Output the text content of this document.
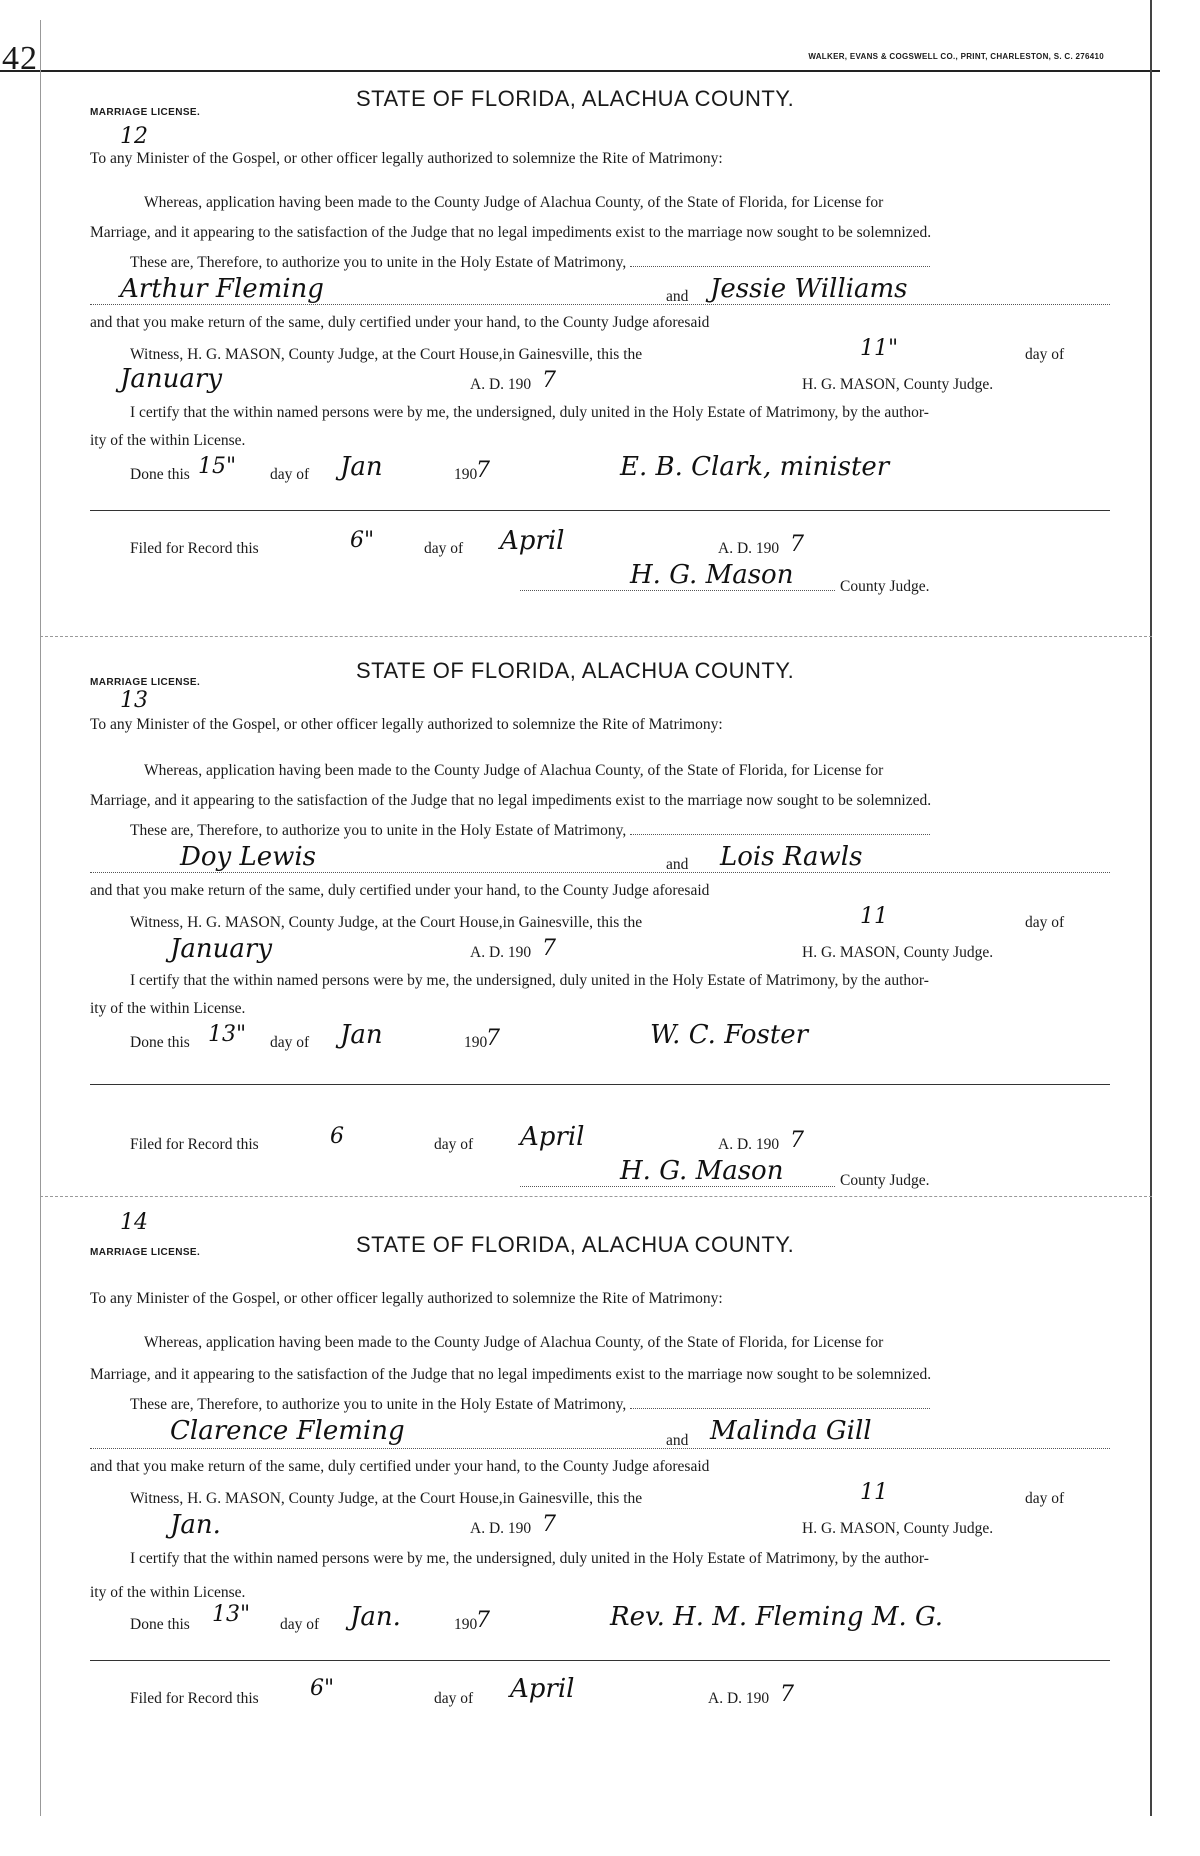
42	WALKER, EVANS & COGSWELL CO., PRINT, CHARLESTON, S. C. 276410
MARRIAGE LICENSE.
STATE OF FLORIDA, ALACHUA COUNTY.
12
To any Minister of the Gospel, or other officer legally authorized to solemnize the Rite of Matrimony:
Whereas, application having been made to the County Judge of Alachua County, of the State of Florida, for License for
Marriage, and it appearing to the satisfaction of the Judge that no legal impediments exist to the marriage now sought to be solemnized.
These are, Therefore, to authorize you to unite in the Holy Estate of Matrimony,
Arthur Fleming	and Jessie Williams
and that you make return of the same, duly certified under your hand, to the County Judge aforesaid
Witness, H. G. MASON, County Judge, at the Court House,in Gainesville, this the	11"	day of
January	A. D. 190 7	H. G. MASON, County Judge.
I certify that the within named persons were by me, the undersigned, duly united in the Holy Estate of Matrimony, by the author-
ity of the within License.
Done this 15" day of Jan	190
7	E. B. Clark, minister
Filed for Record this	6"	day of April	A. D. 190 7
H. G. Mason	County Judge.
MARRIAGE LICENSE.	STATE OF FLORIDA, ALACHUA COUNTY.
13
To any Minister of the Gospel, or other officer legally authorized to solemnize the Rite of Matrimony:
Whereas, application having been made to the County Judge of Alachua County, of the State of Florida, for License for
Marriage, and it appearing to the satisfaction of the Judge that no legal impediments exist to the marriage now sought to be solemnized.
These are, Therefore, to authorize you to unite in the Holy Estate of Matrimony,
Doy Lewis	and Lois Rawls
and that you make return of the same, duly certified under your hand, to the County Judge aforesaid
Witness, H. G. MASON, County Judge, at the Court House,in Gainesville, this the	11	day of
January	A. D. 190 7	H. G. MASON, County Judge.
I certify that the within named persons were by me, the undersigned, duly united in the Holy Estate of Matrimony, by the author-
ity of the within License.
Done this 13" day of Jan	190
7	W. C. Foster
Filed for Record this	6	day of April	A. D. 190 7
H. G. Mason	County Judge.
14
MARRIAGE LICENSE.	STATE OF FLORIDA, ALACHUA COUNTY.
To any Minister of the Gospel, or other officer legally authorized to solemnize the Rite of Matrimony:
Whereas, application having been made to the County Judge of Alachua County, of the State of Florida, for License for
Marriage, and it appearing to the satisfaction of the Judge that no legal impediments exist to the marriage now sought to be solemnized.
These are, Therefore, to authorize you to unite in the Holy Estate of Matrimony,
Clarence Fleming	and Malinda Gill
and that you make return of the same, duly certified under your hand, to the County Judge aforesaid
Witness, H. G. MASON, County Judge, at the Court House,in Gainesville, this the	11	day of
Jan.	A. D. 190 7	H. G. MASON, County Judge.
I certify that the within named persons were by me, the undersigned, duly united in the Holy Estate of Matrimony, by the author-
ity of the within License.
Done this	13" day of Jan.	190
7	Rev. H. M. Fleming M. G.
Filed for Record this	6"	day of April	A. D. 190 7
